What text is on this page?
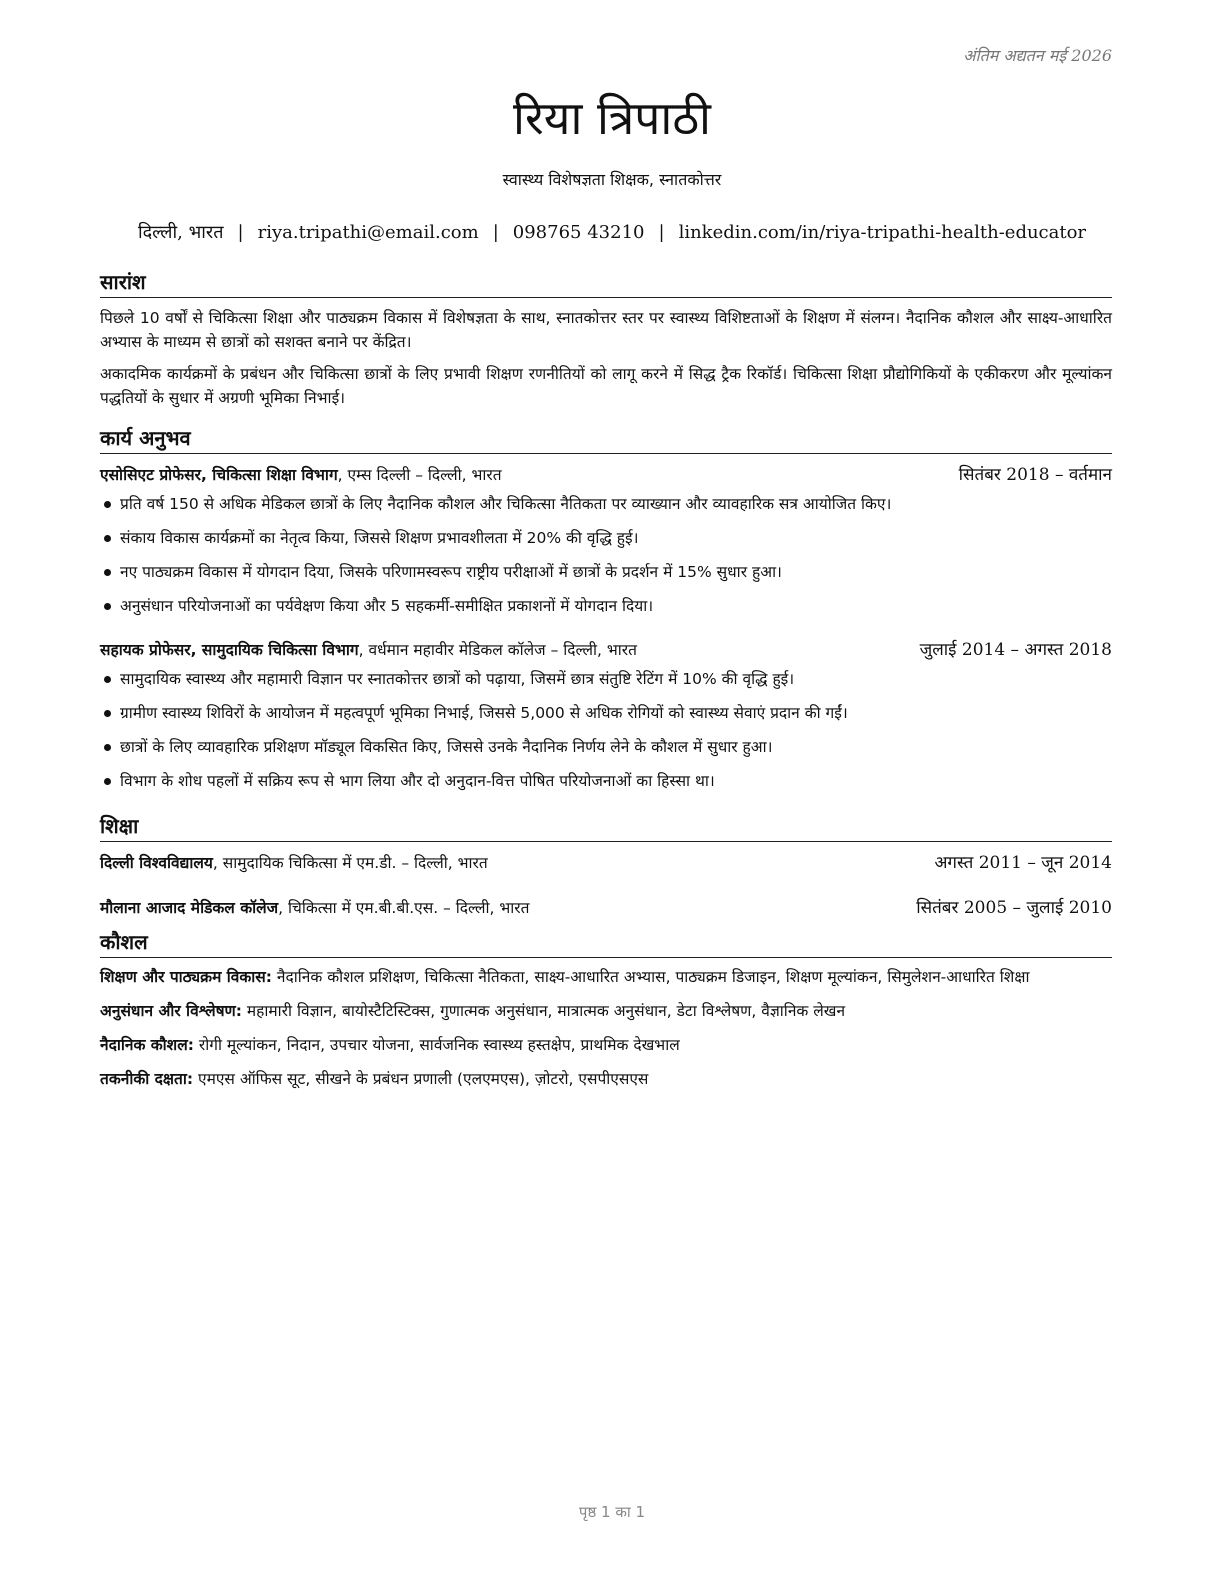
अंतिम अद्यतन मई 2026
रिया त्रिपाठी
स्वास्थ्य विशेषज्ञता शिक्षक, स्नातकोत्तर
दिल्ली, भारत | riya.tripathi@email.com | 098765 43210 | linkedin.com/in/riya-tripathi-health-educator
सारांश

पिछले 10 वर्षों से चिकित्सा शिक्षा और पाठ्यक्रम विकास में विशेषज्ञता के साथ, स्नातकोत्तर स्तर पर स्वास्थ्य विशिष्टताओं के शिक्षण में संलग्न। नैदानिक कौशल और साक्ष्य-आधारित अभ्यास के माध्यम से छात्रों को सशक्त बनाने पर केंद्रित।

अकादमिक कार्यक्रमों के प्रबंधन और चिकित्सा छात्रों के लिए प्रभावी शिक्षण रणनीतियों को लागू करने में सिद्ध ट्रैक रिकॉर्ड। चिकित्सा शिक्षा प्रौद्योगिकियों के एकीकरण और मूल्यांकन पद्धतियों के सुधार में अग्रणी भूमिका निभाई।

कार्य अनुभव
एसोसिएट प्रोफेसर, चिकित्सा शिक्षा विभाग, एम्स दिल्ली – दिल्ली, भारत	सितंबर 2018 – वर्तमान
प्रति वर्ष 150 से अधिक मेडिकल छात्रों के लिए नैदानिक कौशल और चिकित्सा नैतिकता पर व्याख्यान और व्यावहारिक सत्र आयोजित किए।
संकाय विकास कार्यक्रमों का नेतृत्व किया, जिससे शिक्षण प्रभावशीलता में 20% की वृद्धि हुई।
नए पाठ्यक्रम विकास में योगदान दिया, जिसके परिणामस्वरूप राष्ट्रीय परीक्षाओं में छात्रों के प्रदर्शन में 15% सुधार हुआ।
अनुसंधान परियोजनाओं का पर्यवेक्षण किया और 5 सहकर्मी-समीक्षित प्रकाशनों में योगदान दिया।
सहायक प्रोफेसर, सामुदायिक चिकित्सा विभाग, वर्धमान महावीर मेडिकल कॉलेज – दिल्ली, भारत	जुलाई 2014 – अगस्त 2018
सामुदायिक स्वास्थ्य और महामारी विज्ञान पर स्नातकोत्तर छात्रों को पढ़ाया, जिसमें छात्र संतुष्टि रेटिंग में 10% की वृद्धि हुई।
ग्रामीण स्वास्थ्य शिविरों के आयोजन में महत्वपूर्ण भूमिका निभाई, जिससे 5,000 से अधिक रोगियों को स्वास्थ्य सेवाएं प्रदान की गईं।
छात्रों के लिए व्यावहारिक प्रशिक्षण मॉड्यूल विकसित किए, जिससे उनके नैदानिक निर्णय लेने के कौशल में सुधार हुआ।
विभाग के शोध पहलों में सक्रिय रूप से भाग लिया और दो अनुदान-वित्त पोषित परियोजनाओं का हिस्सा था।
शिक्षा
दिल्ली विश्वविद्यालय, सामुदायिक चिकित्सा में एम.डी. – दिल्ली, भारत	अगस्त 2011 – जून 2014
मौलाना आजाद मेडिकल कॉलेज, चिकित्सा में एम.बी.बी.एस. – दिल्ली, भारत	सितंबर 2005 – जुलाई 2010
कौशल

शिक्षण और पाठ्यक्रम विकास: नैदानिक कौशल प्रशिक्षण, चिकित्सा नैतिकता, साक्ष्य-आधारित अभ्यास, पाठ्यक्रम डिजाइन, शिक्षण मूल्यांकन, सिमुलेशन-आधारित शिक्षा

अनुसंधान और विश्लेषण: महामारी विज्ञान, बायोस्टैटिस्टिक्स, गुणात्मक अनुसंधान, मात्रात्मक अनुसंधान, डेटा विश्लेषण, वैज्ञानिक लेखन

नैदानिक कौशल: रोगी मूल्यांकन, निदान, उपचार योजना, सार्वजनिक स्वास्थ्य हस्तक्षेप, प्राथमिक देखभाल

तकनीकी दक्षता: एमएस ऑफिस सूट, सीखने के प्रबंधन प्रणाली (एलएमएस), ज़ोटरो, एसपीएसएस

पृष्ठ 1 का 1
